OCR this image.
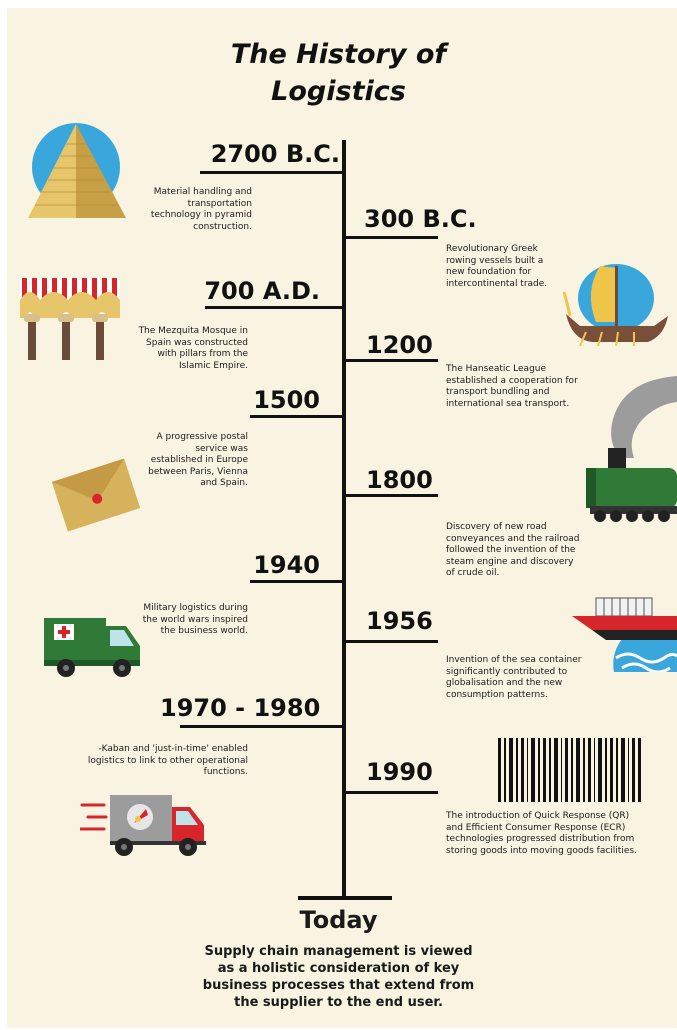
The History of
Logistics
2700 B.C.
Material handling and transportation technology in pyramid construction.	300 B.C.
Revolutionary Greek rowing vessels built a new foundation for intercontinental trade.
700 A.D.
The Mezquita Mosque in Spain was constructed with pillars from the Islamic Empire.
1200
The Hanseatic League established a cooperation for transport bundling and international sea transport.
1500
A progressive postal service was established in Europe between Paris, Vienna and Spain.	1800
Discovery of new road conveyances and the railroad followed the invention of the steam engine and discovery of crude oil.
1940
Military logistics during the world wars inspired the business world.	1956
Invention of the sea container significantly contributed to globalisation and the new consumption patterns.
1970 - 1980
-Kaban and 'just-in-time' enabled logistics to link to other operational functions.	1990
The introduction of Quick Response (QR) and Efficient Consumer Response (ECR) technologies progressed distribution from storing goods into moving goods facilities.
Today
Supply chain management is viewed as a holistic consideration of key business processes that extend from the supplier to the end user.
